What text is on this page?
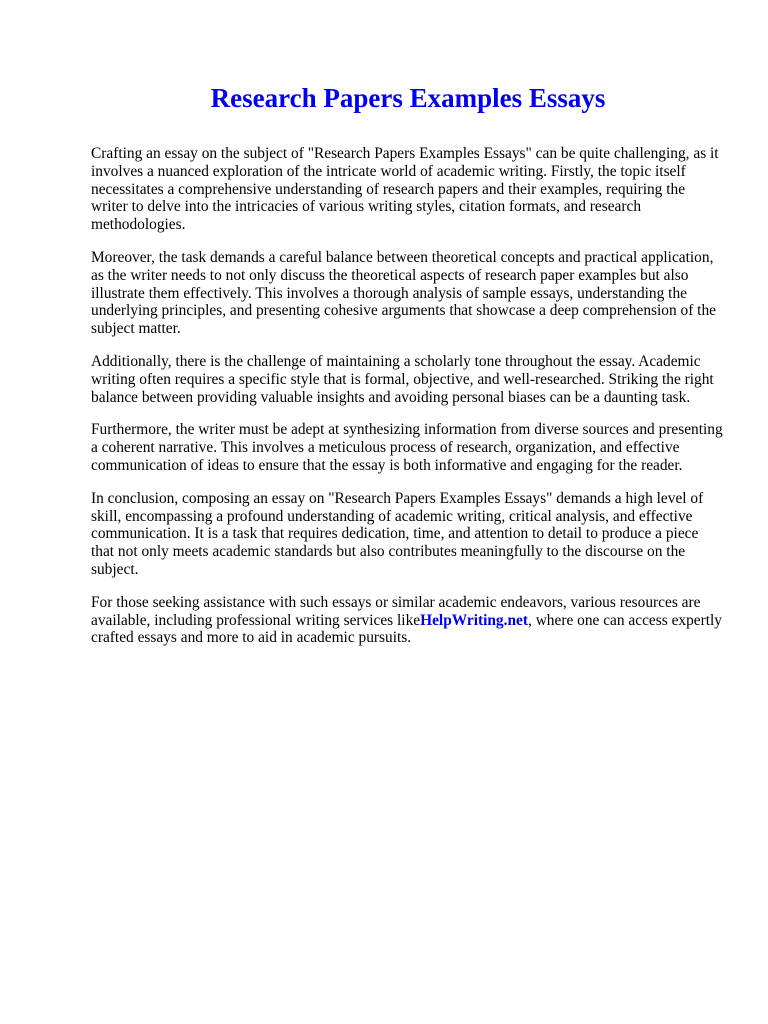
Research Papers Examples Essays

Crafting an essay on the subject of "Research Papers Examples Essays" can be quite challenging, as it involves a nuanced exploration of the intricate world of academic writing. Firstly, the topic itself necessitates a comprehensive understanding of research papers and their examples, requiring the writer to delve into the intricacies of various writing styles, citation formats, and research methodologies.

Moreover, the task demands a careful balance between theoretical concepts and practical application, as the writer needs to not only discuss the theoretical aspects of research paper examples but also illustrate them effectively. This involves a thorough analysis of sample essays, understanding the underlying principles, and presenting cohesive arguments that showcase a deep comprehension of the subject matter.

Additionally, there is the challenge of maintaining a scholarly tone throughout the essay. Academic writing often requires a specific style that is formal, objective, and well-researched. Striking the right balance between providing valuable insights and avoiding personal biases can be a daunting task.

Furthermore, the writer must be adept at synthesizing information from diverse sources and presenting a coherent narrative. This involves a meticulous process of research, organization, and effective communication of ideas to ensure that the essay is both informative and engaging for the reader.

In conclusion, composing an essay on "Research Papers Examples Essays" demands a high level of skill, encompassing a profound understanding of academic writing, critical analysis, and effective communication. It is a task that requires dedication, time, and attention to detail to produce a piece that not only meets academic standards but also contributes meaningfully to the discourse on the subject.

For those seeking assistance with such essays or similar academic endeavors, various resources are available, including professional writing services likeHelpWriting.net, where one can access expertly crafted essays and more to aid in academic pursuits.
